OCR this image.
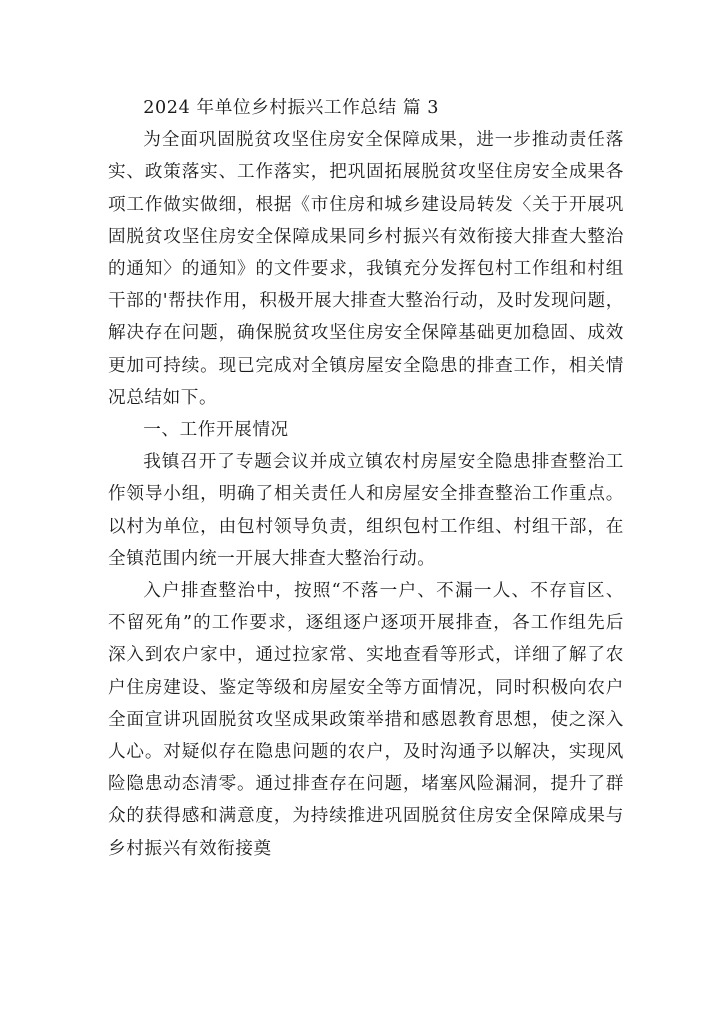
2024 年单位乡村振兴工作总结 篇 3

为全面巩固脱贫攻坚住房安全保障成果，进一步推动责任落实、政策落实、工作落实，把巩固拓展脱贫攻坚住房安全成果各项工作做实做细，根据《市住房和城乡建设局转发〈关于开展巩固脱贫攻坚住房安全保障成果同乡村振兴有效衔接大排查大整治的通知〉的通知》的文件要求，我镇充分发挥包村工作组和村组干部的'帮扶作用，积极开展大排查大整治行动，及时发现问题，解决存在问题，确保脱贫攻坚住房安全保障基础更加稳固、成效更加可持续。现已完成对全镇房屋安全隐患的排查工作，相关情况总结如下。

一、工作开展情况

我镇召开了专题会议并成立镇农村房屋安全隐患排查整治工作领导小组，明确了相关责任人和房屋安全排查整治工作重点。以村为单位，由包村领导负责，组织包村工作组、村组干部，在全镇范围内统一开展大排查大整治行动。

入户排查整治中，按照“不落一户、不漏一人、不存盲区、不留死角”的工作要求，逐组逐户逐项开展排查，各工作组先后深入到农户家中，通过拉家常、实地查看等形式，详细了解了农户住房建设、鉴定等级和房屋安全等方面情况，同时积极向农户全面宣讲巩固脱贫攻坚成果政策举措和感恩教育思想，使之深入人心。对疑似存在隐患问题的农户，及时沟通予以解决，实现风险隐患动态清零。通过排查存在问题，堵塞风险漏洞，提升了群众的获得感和满意度，为持续推进巩固脱贫住房安全保障成果与乡村振兴有效衔接奠
